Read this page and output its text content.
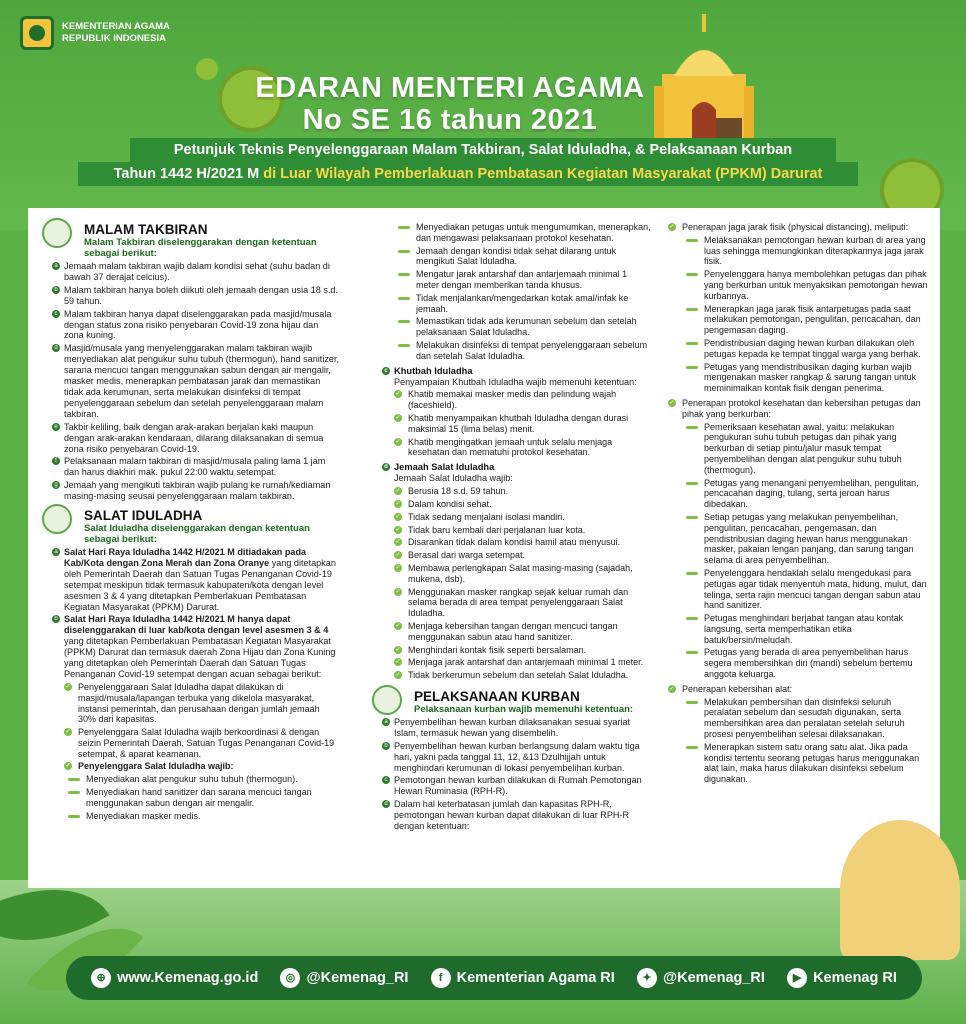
KEMENTERIAN AGAMA
REPUBLIK INDONESIA
EDARAN MENTERI AGAMA
No SE 16 tahun 2021
Petunjuk Teknis Penyelenggaraan Malam Takbiran, Salat Iduladha, & Pelaksanaan Kurban
Tahun 1442 H/2021 M di Luar Wilayah Pemberlakuan Pembatasan Kegiatan Masyarakat (PPKM) Darurat
MALAM TAKBIRAN
Malam Takbiran diselenggarakan dengan ketentuan sebagai berikut:
a Jemaah malam takbiran wajib dalam kondisi sehat (suhu badan di bawah 37 derajat celcius).
b Malam takbiran hanya boleh diikuti oleh jemaah dengan usia 18 s.d. 59 tahun.
c Malam takbiran hanya dapat diselenggarakan pada masjid/musala dengan status zona risiko penyebaran Covid-19 zona hijau dan zona kuning.
d Masjid/musala yang menyelenggarakan malam takbiran wajib menyediakan alat pengukur suhu tubuh (thermogun), hand sanitizer, sarana mencuci tangan menggunakan sabun dengan air mengalir, masker medis, menerapkan pembatasan jarak dan memastikan tidak ada kerumunan, serta melakukan disinfeksi di tempat penyelenggaraan sebelum dan setelah penyelenggaraan malam takbiran.
e Takbir keliling, baik dengan arak-arakan berjalan kaki maupun dengan arak-arakan kendaraan, dilarang dilaksanakan di semua zona risiko penyebaran Covid-19.
f Pelaksanaan malam takbiran di masjid/musala paling lama 1 jam dan harus diakhiri mak. pukul 22:00 waktu setempat.
g Jemaah yang mengikuti takbiran wajib pulang ke rumah/kediaman masing-masing seusai penyelenggaraan malam takbiran.
SALAT IDULADHA
Salat Iduladha diselenggarakan dengan ketentuan sebagai berikut:
a Salat Hari Raya Iduladha 1442 H/2021 M ditiadakan pada Kab/Kota dengan Zona Merah dan Zona Oranye yang ditetapkan oleh Pemerintah Daerah dan Satuan Tugas Penanganan Covid-19 setempat meskipun tidak termasuk kabupaten/kota dengan level asesmen 3 & 4 yang ditetapkan Pemberlakuan Pembatasan Kegiatan Masyarakat (PPKM) Darurat.
b Salat Hari Raya Iduladha 1442 H/2021 M hanya dapat diselenggarakan di luar kab/kota dengan level asesmen 3 & 4 yang ditetapkan Pemberlakuan Pembatasan Kegiatan Masyarakat (PPKM) Darurat dan termasuk daerah Zona Hijau dan Zona Kuning yang ditetapkan oleh Pemerintah Daerah dan Satuan Tugas Penanganan Covid-19 setempat dengan acuan sebagai berikut:
✓ Penyelenggaraan Salat Iduladha dapat dilakukan di masjid/musala/lapangan terbuka yang dikelola masyarakat, instansi pemerintah, dan perusahaan dengan jumlah jemaah 30% dari kapasitas.
✓ Penyelenggara Salat Iduladha wajib berkoordinasi & dengan seizin Pemerintah Daerah, Satuan Tugas Penanganan Covid-19 setempat, & aparat keamanan.
✓ Penyelenggara Salat Iduladha wajib:
Menyediakan alat pengukur suhu tubuh (thermogun).
Menyediakan hand sanitizer dan sarana mencuci tangan menggunakan sabun dengan air mengalir.
Menyediakan masker medis.
Menyediakan petugas untuk mengumumkan, menerapkan, dan mengawasi pelaksanaan protokol kesehatan.
Jemaah dengan kondisi tidak sehat dilarang untuk mengikuti Salat Iduladha.
Mengatur jarak antarshaf dan antarjemaah minimal 1 meter dengan memberikan tanda khusus.
Tidak menjalankan/mengedarkan kotak amal/infak ke jemaah.
Memastikan tidak ada kerumunan sebelum dan setelah pelaksanaan Salat Iduladha.
Melakukan disinfeksi di tempat penyelenggaraan sebelum dan setelah Salat Iduladha.
c Khutbah Iduladha
Penyampaian Khutbah Iduladha wajib memenuhi ketentuan:
✓ Khatib memakai masker medis dan pelindung wajah (faceshield).
✓ Khatib menyampaikan khutbah Iduladha dengan durasi maksimal 15 (lima belas) menit.
✓ Khatib mengingatkan jemaah untuk selalu menjaga kesehatan dan mematuhi protokol kesehatan.
d Jemaah Salat Iduladha
Jemaah Salat Iduladha wajib:
✓ Berusia 18 s.d. 59 tahun.
✓ Dalam kondisi sehat.
✓ Tidak sedang menjalani isolasi mandiri.
✓ Tidak baru kembali dari perjalanan luar kota.
✓ Disarankan tidak dalam kondisi hamil atau menyusui.
✓ Berasal dari warga setempat.
✓ Membawa perlengkapan Salat masing-masing (sajadah, mukena, dsb).
✓ Menggunakan masker rangkap sejak keluar rumah dan selama berada di area tempat penyelenggaraan Salat Iduladha.
✓ Menjaga kebersihan tangan dengan mencuci tangan menggunakan sabun atau hand sanitizer.
✓ Menghindari kontak fisik seperti bersalaman.
✓ Menjaga jarak antarshaf dan antarjemaah minimal 1 meter.
✓ Tidak berkerumun sebelum dan setelah Salat Iduladha.
PELAKSANAAN KURBAN
Pelaksanaan kurban wajib memenuhi ketentuan:
a Penyembelihan hewan kurban dilaksanakan sesuai syariat Islam, termasuk hewan yang disembelih.
b Penyembelihan hewan kurban berlangsung dalam waktu tiga hari, yakni pada tanggal 11, 12, &13 Dzulhijjah untuk menghindari kerumunan di lokasi penyembelihan kurban.
c Pemotongan hewan kurban dilakukan di Rumah Pemotongan Hewan Ruminasia (RPH-R).
d Dalam hal keterbatasan jumlah dan kapasitas RPH-R, pemotongan hewan kurban dapat dilakukan di luar RPH-R dengan ketentuan:
✓ Penerapan jaga jarak fisik (physical distancing), meliputi:
Melaksanakan pemotongan hewan kurban di area yang luas sehingga memungkinkan diterapkannya jaga jarak fisik.
Penyelenggara hanya membolehkan petugas dan pihak yang berkurban untuk menyaksikan pemotongan hewan kurbannya.
Menerapkan jaga jarak fisik antarpetugas pada saat melakukan pemotongan, pengulitan, pencacahan, dan pengemasan daging.
Pendistribusian daging hewan kurban dilakukan oleh petugas kepada ke tempat tinggal warga yang berhak.
Petugas yang mendistribusikan daging kurban wajib mengenakan masker rangkap & sarung tangan untuk meminimalkan kontak fisik dengan penerima.
✓ Penerapan protokol kesehatan dan kebersihan petugas dan pihak yang berkurban:
Pemeriksaan kesehatan awal, yaitu: melakukan pengukuran suhu tubuh petugas dan pihak yang berkurban di setiap pintu/jalur masuk tempat penyembelihan dengan alat pengukur suhu tubuh (thermogun).
Petugas yang menangani penyembelihan, pengulitan, pencacahan daging, tulang, serta jeroan harus dibedakan.
Setiap petugas yang melakukan penyembelihan, pengulitan, pencacahan, pengemasan, dan pendistribusian daging hewan harus menggunakan masker, pakaian lengan panjang, dan sarung tangan selama di area penyembelihan.
Penyelenggara hendaklah selalu mengedukasi para petugas agar tidak menyentuh mata, hidung, mulut, dan telinga, serta rajin mencuci tangan dengan sabun atau hand sanitizer.
Petugas menghindari berjabat tangan atau kontak langsung, serta memperhatikan etika batuk/bersin/meludah.
Petugas yang berada di area penyembelihan harus segera membersihkan diri (mandi) sebelum bertemu anggota keluarga.
✓ Penerapan kebersihan alat:
Melakukan pembersihan dan disinfeksi seluruh peralatan sebelum dan sesudah digunakan, serta membersihkan area dan peralatan setelah seluruh prosesi penyembelihan selesai dilaksanakan.
Menerapkan sistem satu orang satu alat. Jika pada kondisi tertentu seorang petugas harus menggunakan alat lain, maka harus dilakukan disinfeksi sebelum digunakan.
⊕ www.Kemenag.go.id	◎ @Kemenag_RI	f Kementerian Agama RI	✦ @Kemenag_RI	▶ Kemenag RI
